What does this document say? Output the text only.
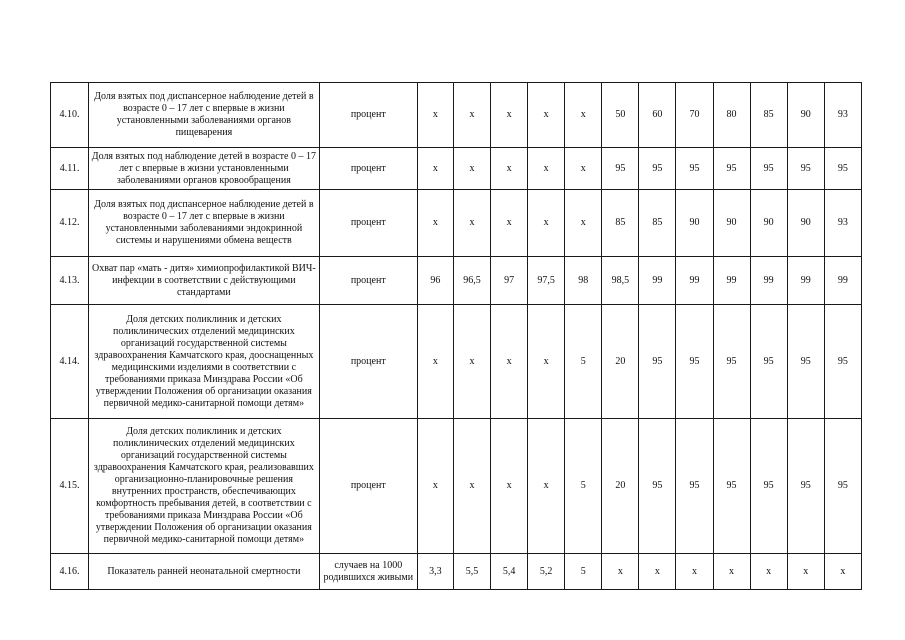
4.10.	Доля взятых под диспансерное наблюдение детей в возрасте 0 – 17 лет с впервые в жизни установленными заболеваниями органов пищеварения	процент	x	x	x	x	x	50	60	70	80	85	90	93
4.11.	Доля взятых под наблюдение детей в возрасте 0 – 17 лет с впервые в жизни установленными заболеваниями органов кровообращения	процент	x	x	x	x	x	95	95	95	95	95	95	95
4.12.	Доля взятых под диспансерное наблюдение детей в возрасте 0 – 17 лет с впервые в жизни установленными заболеваниями эндокринной системы и нарушениями обмена веществ	процент	x	x	x	x	x	85	85	90	90	90	90	93
4.13.	Охват пар «мать - дитя» химиопрофилактикой ВИЧ-инфекции в соответствии с действующими стандартами	процент	96	96,5	97	97,5	98	98,5	99	99	99	99	99	99
4.14.	Доля детских поликлиник и детских поликлинических отделений медицинских организаций государственной системы здравоохранения Камчатского края, дооснащенных медицинскими изделиями в соответствии с требованиями приказа Минздрава России «Об утверждении Положения об организации оказания первичной медико-санитарной помощи детям»	процент	x	x	x	x	5	20	95	95	95	95	95	95
4.15.	Доля детских поликлиник и детских поликлинических отделений медицинских организаций государственной системы здравоохранения Камчатского края, реализовавших организационно-планировочные решения внутренних пространств, обеспечивающих комфортность пребывания детей, в соответствии с требованиями приказа Минздрава России «Об утверждении Положения об организации оказания первичной медико-санитарной помощи детям»	процент	x	x	x	x	5	20	95	95	95	95	95	95
4.16.	Показатель ранней неонатальной смертности	случаев на 1000 родившихся живыми	3,3	5,5	5,4	5,2	5	x	x	x	x	x	x	x
